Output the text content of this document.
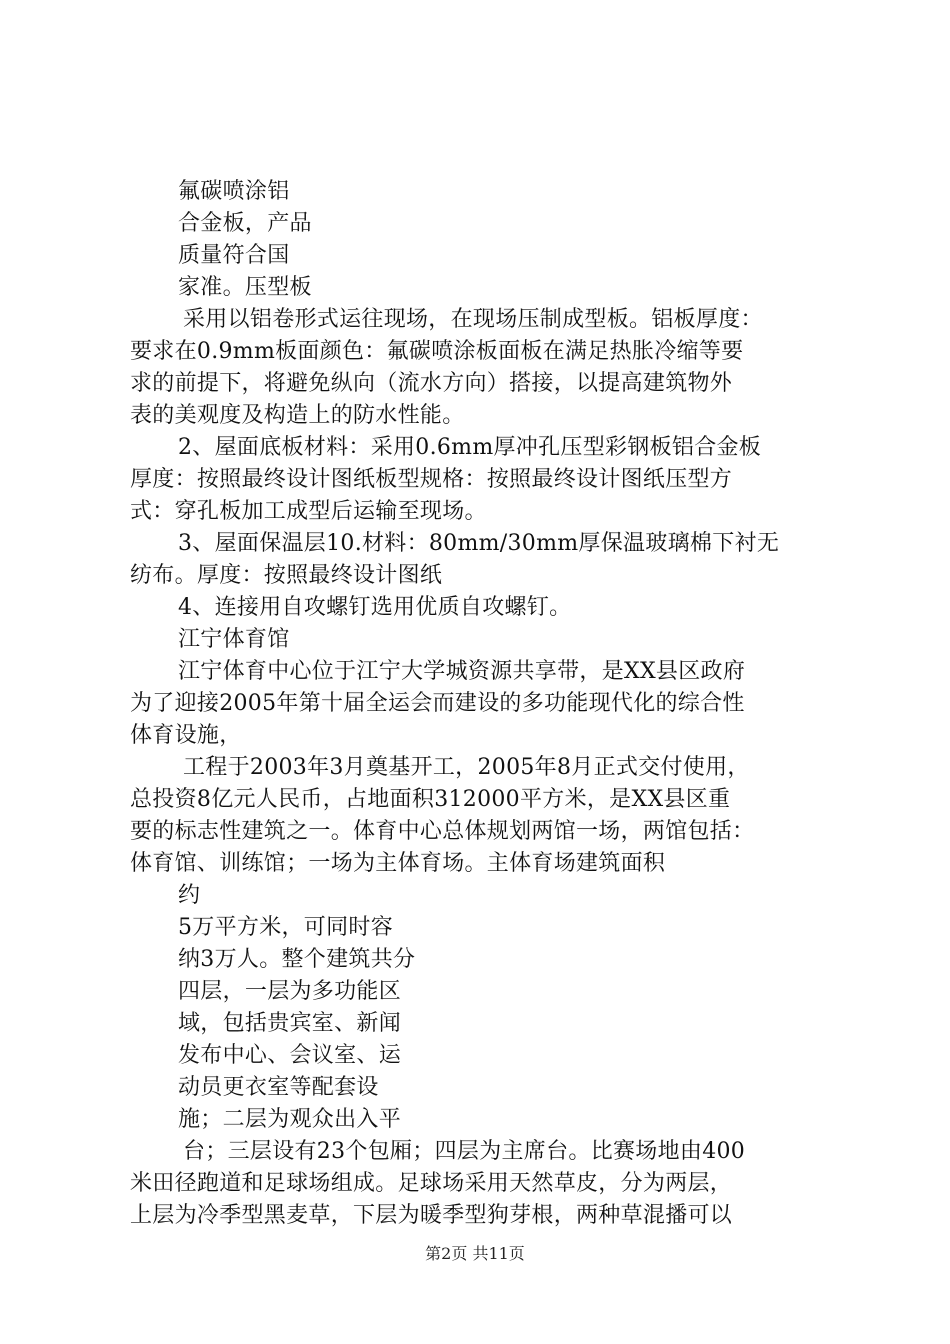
氟碳喷涂铝
合金板，产品
质量符合国
家准。压型板
采用以铝卷形式运往现场，在现场压制成型板。铝板厚度：
要求在0.9mm板面颜色：氟碳喷涂板面板在满足热胀冷缩等要
求的前提下，将避免纵向（流水方向）搭接，以提高建筑物外
表的美观度及构造上的防水性能。
2、屋面底板材料：采用0.6mm厚冲孔压型彩钢板铝合金板
厚度：按照最终设计图纸板型规格：按照最终设计图纸压型方
式：穿孔板加工成型后运输至现场。
3、屋面保温层10.材料：80mm/30mm厚保温玻璃棉下衬无
纺布。厚度：按照最终设计图纸
4、连接用自攻螺钉选用优质自攻螺钉。
江宁体育馆
江宁体育中心位于江宁大学城资源共享带，是XX县区政府
为了迎接2005年第十届全运会而建设的多功能现代化的综合性
体育设施，
工程于2003年3月奠基开工，2005年8月正式交付使用，
总投资8亿元人民币，占地面积312000平方米，是XX县区重
要的标志性建筑之一。体育中心总体规划两馆一场，两馆包括：
体育馆、训练馆；一场为主体育场。主体育场建筑面积
约
5万平方米，可同时容
纳3万人。整个建筑共分
四层，一层为多功能区
域，包括贵宾室、新闻
发布中心、会议室、运
动员更衣室等配套设
施；二层为观众出入平
台；三层设有23个包厢；四层为主席台。比赛场地由400
米田径跑道和足球场组成。足球场采用天然草皮，分为两层，
上层为冷季型黑麦草，下层为暖季型狗芽根，两种草混播可以
第2页 共11页
